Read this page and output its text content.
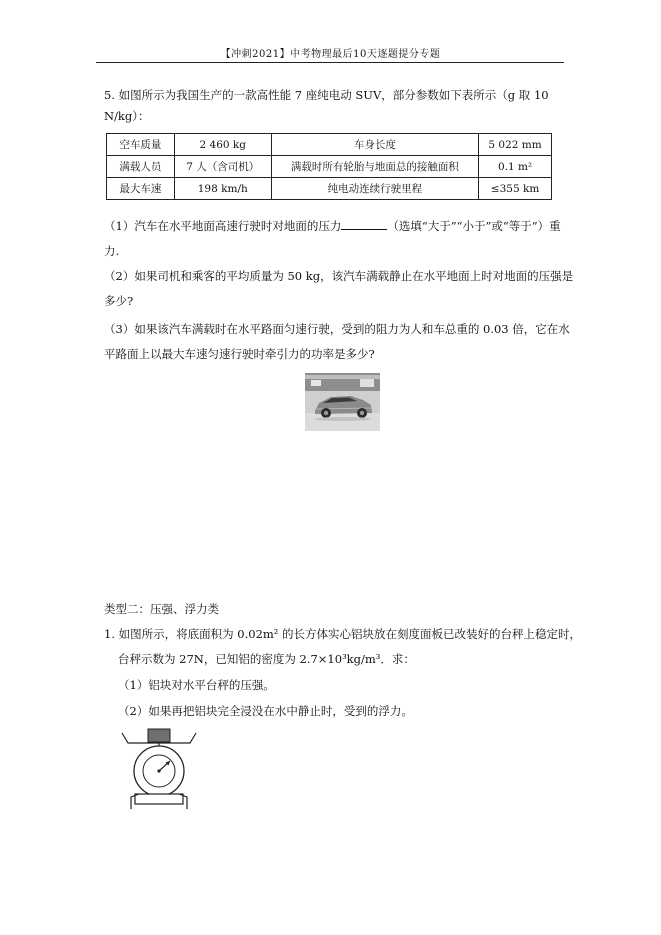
【冲刺2021】中考物理最后10天逐题提分专题
5. 如图所示为我国生产的一款高性能 7 座纯电动 SUV，部分参数如下表所示（g 取 10
N/kg）：
空车质量	2 460 kg	车身长度	5 022 mm
满载人员	7 人（含司机）	满载时所有轮胎与地面总的接触面积	0.1 m²
最大车速	198 km/h	纯电动连续行驶里程	≤355 km
（1）汽车在水平地面高速行驶时对地面的压力	（选填“大于”“小于”或“等于”）重
力.
（2）如果司机和乘客的平均质量为 50 kg，该汽车满载静止在水平地面上时对地面的压强是
多少?
（3）如果该汽车满载时在水平路面匀速行驶，受到的阻力为人和车总重的 0.03 倍，它在水
平路面上以最大车速匀速行驶时牵引力的功率是多少?
类型二：压强、浮力类
1. 如图所示，将底面积为 0.02m² 的长方体实心铝块放在刻度面板已改装好的台秤上稳定时，
台秤示数为 27N，已知铝的密度为 2.7×10³kg/m³．求：
（1）铝块对水平台秤的压强。
（2）如果再把铝块完全浸没在水中静止时，受到的浮力。
